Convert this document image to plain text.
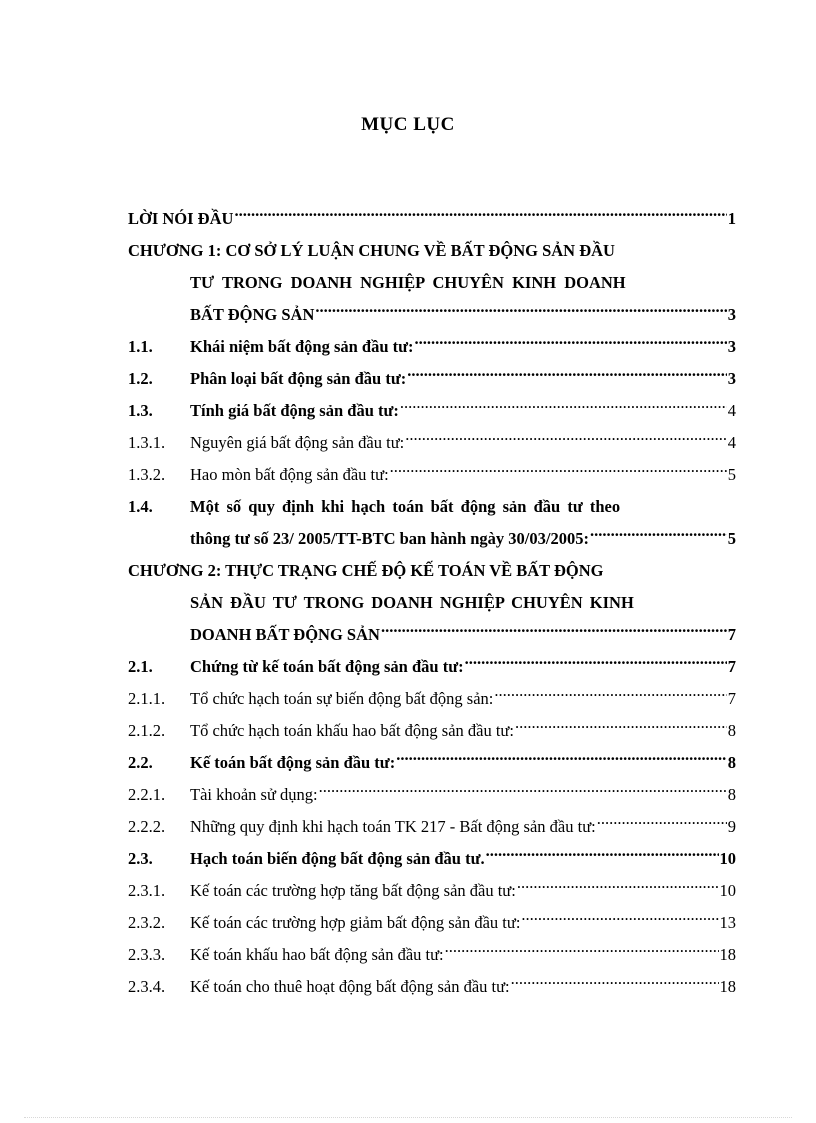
MỤC LỤC
LỜI NÓI ĐẦU .....	1
CHƯƠNG 1: CƠ SỞ LÝ LUẬN CHUNG VỀ BẤT ĐỘNG SẢN ĐẦU
TƯ TRONG DOANH NGHIỆP CHUYÊN KINH DOANH
BẤT ĐỘNG SẢN .....	3
1.1.	Khái niệm bất động sản đầu tư: .....	3
1.2.	Phân loại bất động sản đầu tư: .....	3
1.3.	Tính giá bất động sản đầu tư: .....	4
1.3.1.	Nguyên giá bất động sản đầu tư: .....	4
1.3.2.	Hao mòn bất động sản đầu tư: .....	5
1.4.	Một số quy định khi hạch toán bất động sản đầu tư theo
thông tư số 23/ 2005/TT-BTC ban hành ngày 30/03/2005: .....	5
CHƯƠNG 2: THỰC TRẠNG CHẾ ĐỘ KẾ TOÁN VỀ BẤT ĐỘNG
SẢN ĐẦU TƯ TRONG DOANH NGHIỆP CHUYÊN KINH
DOANH BẤT ĐỘNG SẢN .....	7
2.1.	Chứng từ kế toán bất động sản đầu tư: .....	7
2.1.1.	Tổ chức hạch toán sự biến động bất động sản: .....	7
2.1.2.	Tổ chức hạch toán khấu hao bất động sản đầu tư: .....	8
2.2.	Kế toán bất động sản đầu tư: .....	8
2.2.1.	Tài khoản sử dụng: .....	8
2.2.2.	Những quy định khi hạch toán TK 217 - Bất động sản đầu tư: .....	9
2.3.	Hạch toán biến động bất động sản đầu tư. .....	10
2.3.1.	Kế toán các trường hợp tăng bất động sản đầu tư: .....	10
2.3.2.	Kế toán các trường hợp giảm bất động sản đầu tư: .....	13
2.3.3.	Kế toán khấu hao bất động sản đầu tư: .....	18
2.3.4.	Kế toán cho thuê hoạt động bất động sản đầu tư: .....	18
